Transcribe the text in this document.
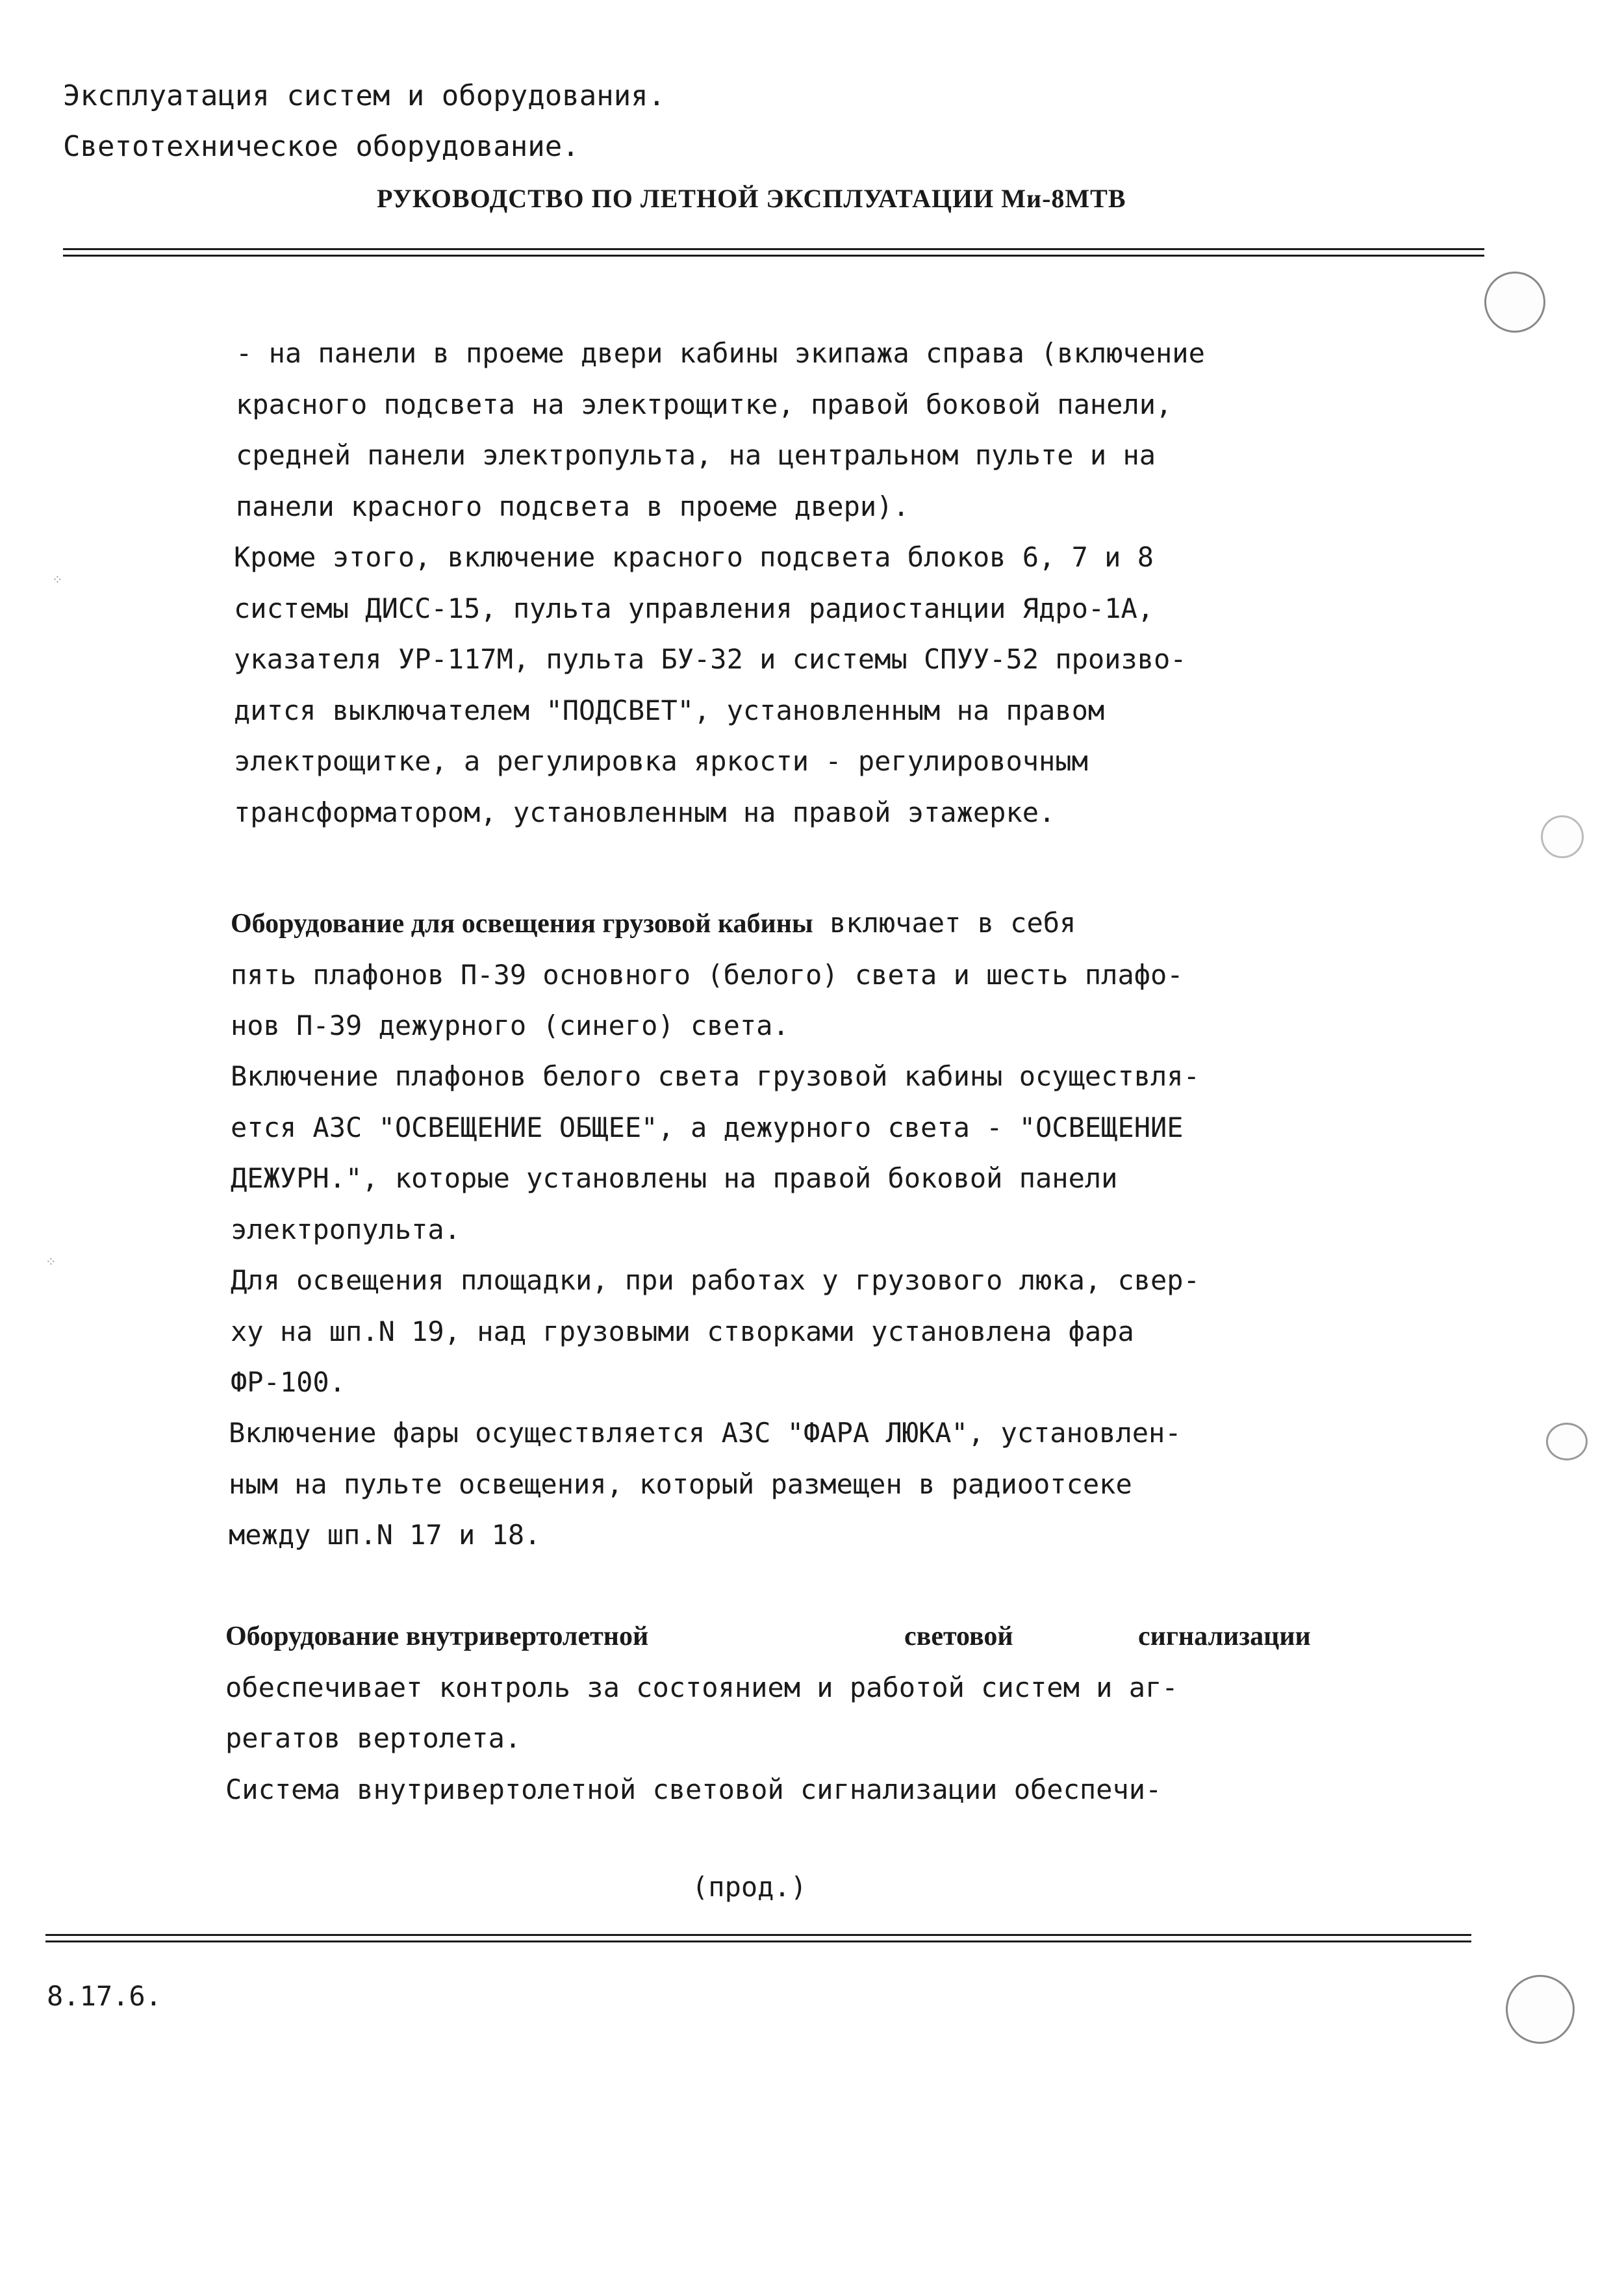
Эксплуатация систем и оборудования.
Светотехническое оборудование.
РУКОВОДСТВО ПО ЛЕТНОЙ ЭКСПЛУАТАЦИИ Ми-8МТВ
- на панели в проеме двери кабины экипажа справа (включение
красного подсвета на электрощитке, правой боковой панели,
средней панели электропульта, на центральном пульте и на
панели красного подсвета в проеме двери).
Кроме этого, включение красного подсвета блоков 6, 7 и 8
системы ДИСС-15, пульта управления радиостанции Ядро-1А,
указателя УР-117М, пульта БУ-32 и системы СПУУ-52 произво-
дится выключателем "ПОДСВЕТ", установленным на правом
электрощитке, а регулировка яркости - регулировочным
трансформатором, установленным на правой этажерке.
Оборудование для освещения грузовой кабины включает в себя
пять плафонов П-39 основного (белого) света и шесть плафо-
нов П-39 дежурного (синего) света.
Включение плафонов белого света грузовой кабины осуществля-
ется АЗС "ОСВЕЩЕНИЕ ОБЩЕЕ", а дежурного света - "ОСВЕЩЕНИЕ
ДЕЖУРН.", которые установлены на правой боковой панели
электропульта.
Для освещения площадки, при работах у грузового люка, свер-
ху на шп.N 19, над грузовыми створками установлена фара
ФР-100.
Включение фары осуществляется АЗС "ФАРА ЛЮКА", установлен-
ным на пульте освещения, который размещен в радиоотсеке
между шп.N 17 и 18.
Оборудование внутривертолетной	световой	сигнализации
обеспечивает контроль за состоянием и работой систем и аг-
регатов вертолета.
Система внутривертолетной световой сигнализации обеспечи-
(прод.)
8.17.6.
⁘
⁘
